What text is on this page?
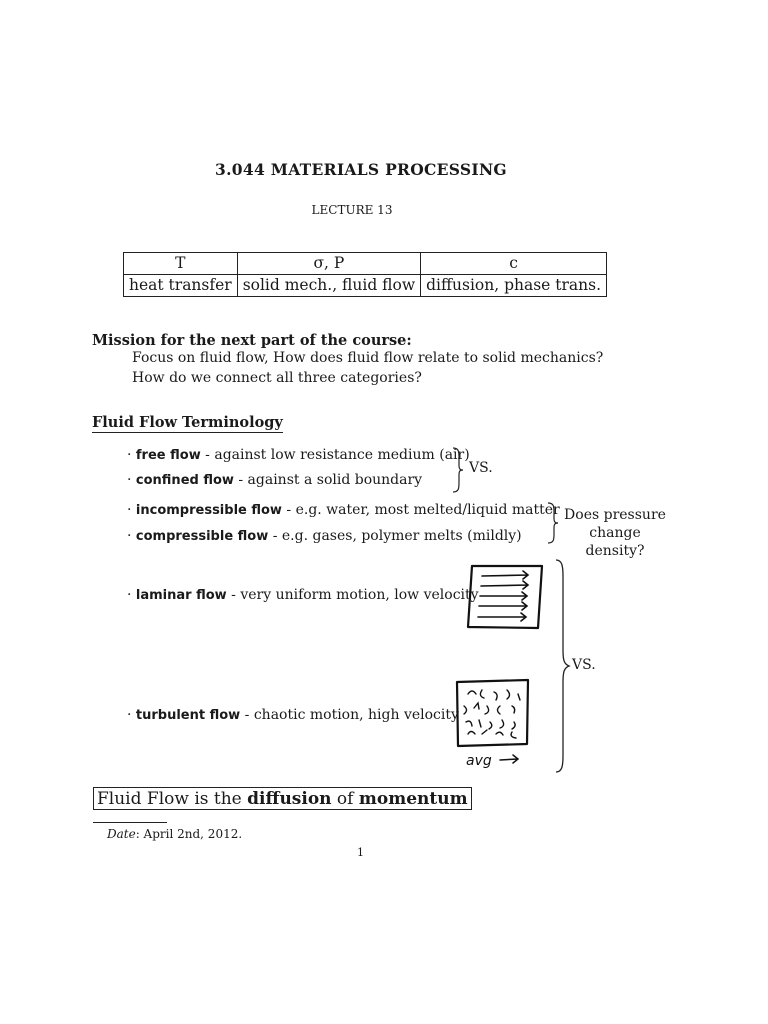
3.044 MATERIALS PROCESSING
LECTURE 13
T	σ, P	c
heat transfer	solid mech., fluid flow	diffusion, phase trans.
Mission for the next part of the course:
Focus on fluid flow, How does fluid flow relate to solid mechanics?
How do we connect all three categories?
Fluid Flow Terminology
· free flow - against low resistance medium (air)
· confined flow - against a solid boundary
· incompressible flow - e.g. water, most melted/liquid matter
· compressible flow - e.g. gases, polymer melts (mildly)
· laminar flow - very uniform motion, low velocity
· turbulent flow - chaotic motion, high velocity
VS.
Does pressure
change density?
avg
VS.
Fluid Flow is the diffusion of momentum
Date: April 2nd, 2012.
1
